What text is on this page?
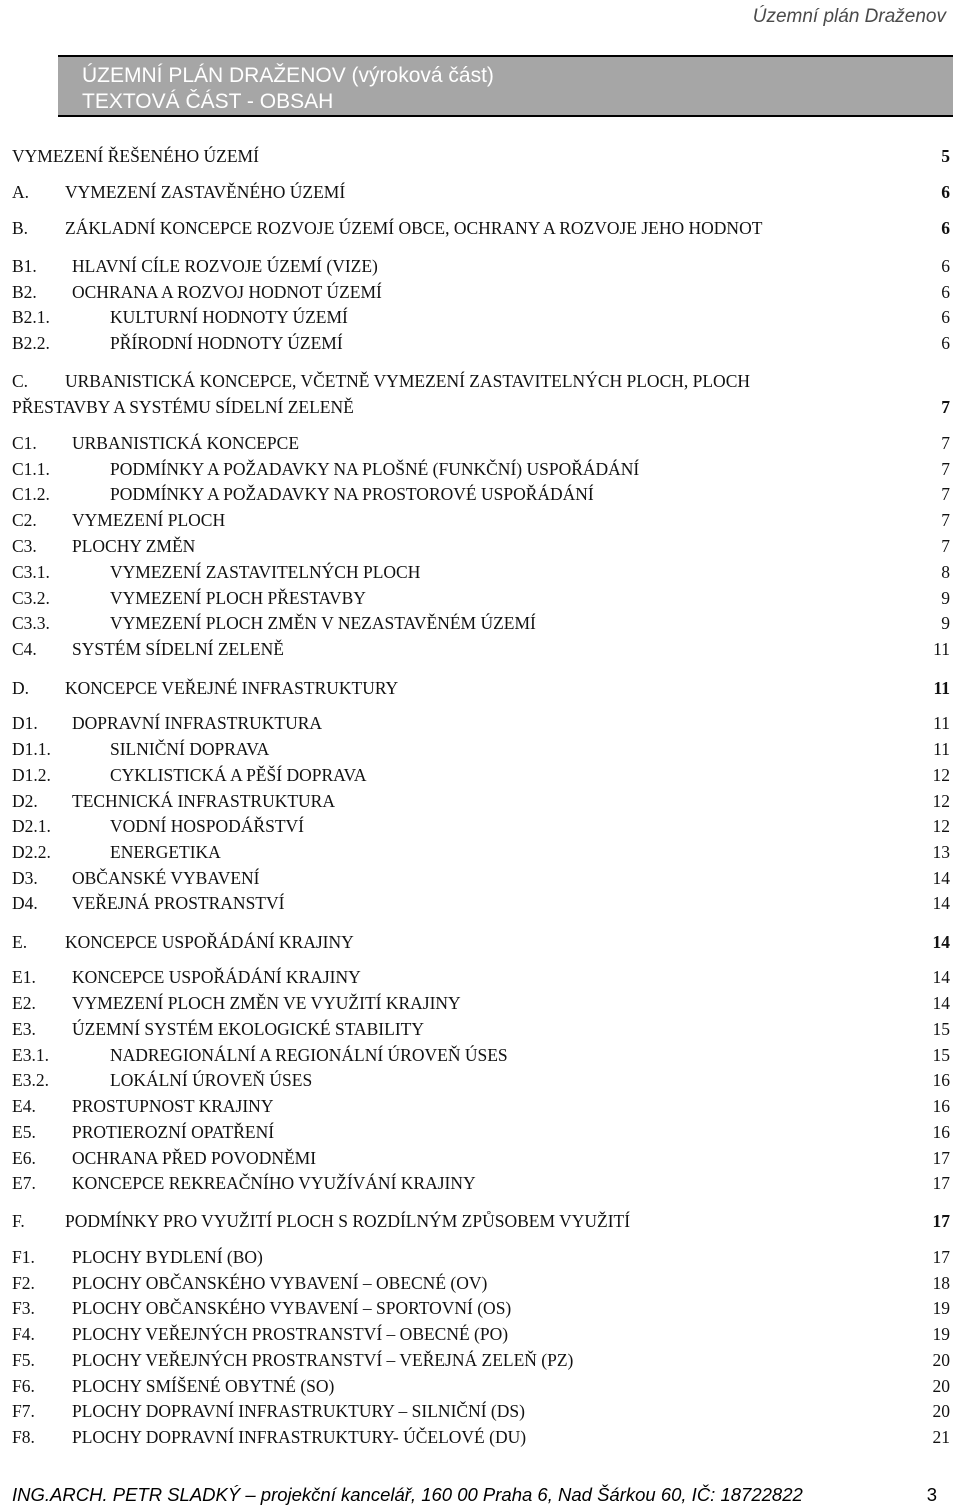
Územní plán Draženov
ÚZEMNÍ PLÁN DRAŽENOV (výroková část)
TEXTOVÁ ČÁST - OBSAH
VYMEZENÍ ŘEŠENÉHO ÚZEMÍ	5
A. VYMEZENÍ ZASTAVĚNÉHO ÚZEMÍ	6
B. ZÁKLADNÍ KONCEPCE ROZVOJE ÚZEMÍ OBCE, OCHRANY A ROZVOJE JEHO HODNOT	6
B1. HLAVNÍ CÍLE ROZVOJE ÚZEMÍ (VIZE)	6
B2. OCHRANA A ROZVOJ HODNOT ÚZEMÍ	6
B2.1.	KULTURNÍ HODNOTY ÚZEMÍ	6
B2.2.	PŘÍRODNÍ HODNOTY ÚZEMÍ	6
C. URBANISTICKÁ KONCEPCE, VČETNĚ VYMEZENÍ ZASTAVITELNÝCH PLOCH, PLOCH
PŘESTAVBY A SYSTÉMU SÍDELNÍ ZELENĚ	7
C1. URBANISTICKÁ KONCEPCE	7
C1.1.	PODMÍNKY A POŽADAVKY NA PLOŠNÉ (FUNKČNÍ) USPOŘÁDÁNÍ	7
C1.2.	PODMÍNKY A POŽADAVKY NA PROSTOROVÉ USPOŘÁDÁNÍ	7
C2. VYMEZENÍ PLOCH	7
C3. PLOCHY ZMĚN	7
C3.1.	VYMEZENÍ ZASTAVITELNÝCH PLOCH	8
C3.2.	VYMEZENÍ PLOCH PŘESTAVBY	9
C3.3.	VYMEZENÍ PLOCH ZMĚN V NEZASTAVĚNÉM ÚZEMÍ	9
C4. SYSTÉM SÍDELNÍ ZELENĚ	11
D. KONCEPCE VEŘEJNÉ INFRASTRUKTURY	11
D1. DOPRAVNÍ INFRASTRUKTURA	11
D1.1.	SILNIČNÍ DOPRAVA	11
D1.2.	CYKLISTICKÁ A PĚŠÍ DOPRAVA	12
D2. TECHNICKÁ INFRASTRUKTURA	12
D2.1.	VODNÍ HOSPODÁŘSTVÍ	12
D2.2.	ENERGETIKA	13
D3. OBČANSKÉ VYBAVENÍ	14
D4. VEŘEJNÁ PROSTRANSTVÍ	14
E. KONCEPCE USPOŘÁDÁNÍ KRAJINY	14
E1. KONCEPCE USPOŘÁDÁNÍ KRAJINY	14
E2. VYMEZENÍ PLOCH ZMĚN VE VYUŽITÍ KRAJINY	14
E3. ÚZEMNÍ SYSTÉM EKOLOGICKÉ STABILITY	15
E3.1.	NADREGIONÁLNÍ A REGIONÁLNÍ ÚROVEŇ ÚSES	15
E3.2.	LOKÁLNÍ ÚROVEŇ ÚSES	16
E4. PROSTUPNOST KRAJINY	16
E5. PROTIEROZNÍ OPATŘENÍ	16
E6. OCHRANA PŘED POVODNĚMI	17
E7. KONCEPCE REKREAČNÍHO VYUŽÍVÁNÍ KRAJINY	17
F. PODMÍNKY PRO VYUŽITÍ PLOCH S ROZDÍLNÝM ZPŮSOBEM VYUŽITÍ	17
F1. PLOCHY BYDLENÍ (BO)	17
F2. PLOCHY OBČANSKÉHO VYBAVENÍ – OBECNÉ (OV)	18
F3. PLOCHY OBČANSKÉHO VYBAVENÍ – SPORTOVNÍ (OS)	19
F4. PLOCHY VEŘEJNÝCH PROSTRANSTVÍ – OBECNÉ (PO)	19
F5. PLOCHY VEŘEJNÝCH PROSTRANSTVÍ – VEŘEJNÁ ZELEŇ (PZ)	20
F6. PLOCHY SMÍŠENÉ OBYTNÉ (SO)	20
F7. PLOCHY DOPRAVNÍ INFRASTRUKTURY – SILNIČNÍ (DS)	20
F8. PLOCHY DOPRAVNÍ INFRASTRUKTURY- ÚČELOVÉ (DU)	21
ING.ARCH. PETR SLADKÝ – projekční kancelář, 160 00 Praha 6, Nad Šárkou 60, IČ: 18722822	3
